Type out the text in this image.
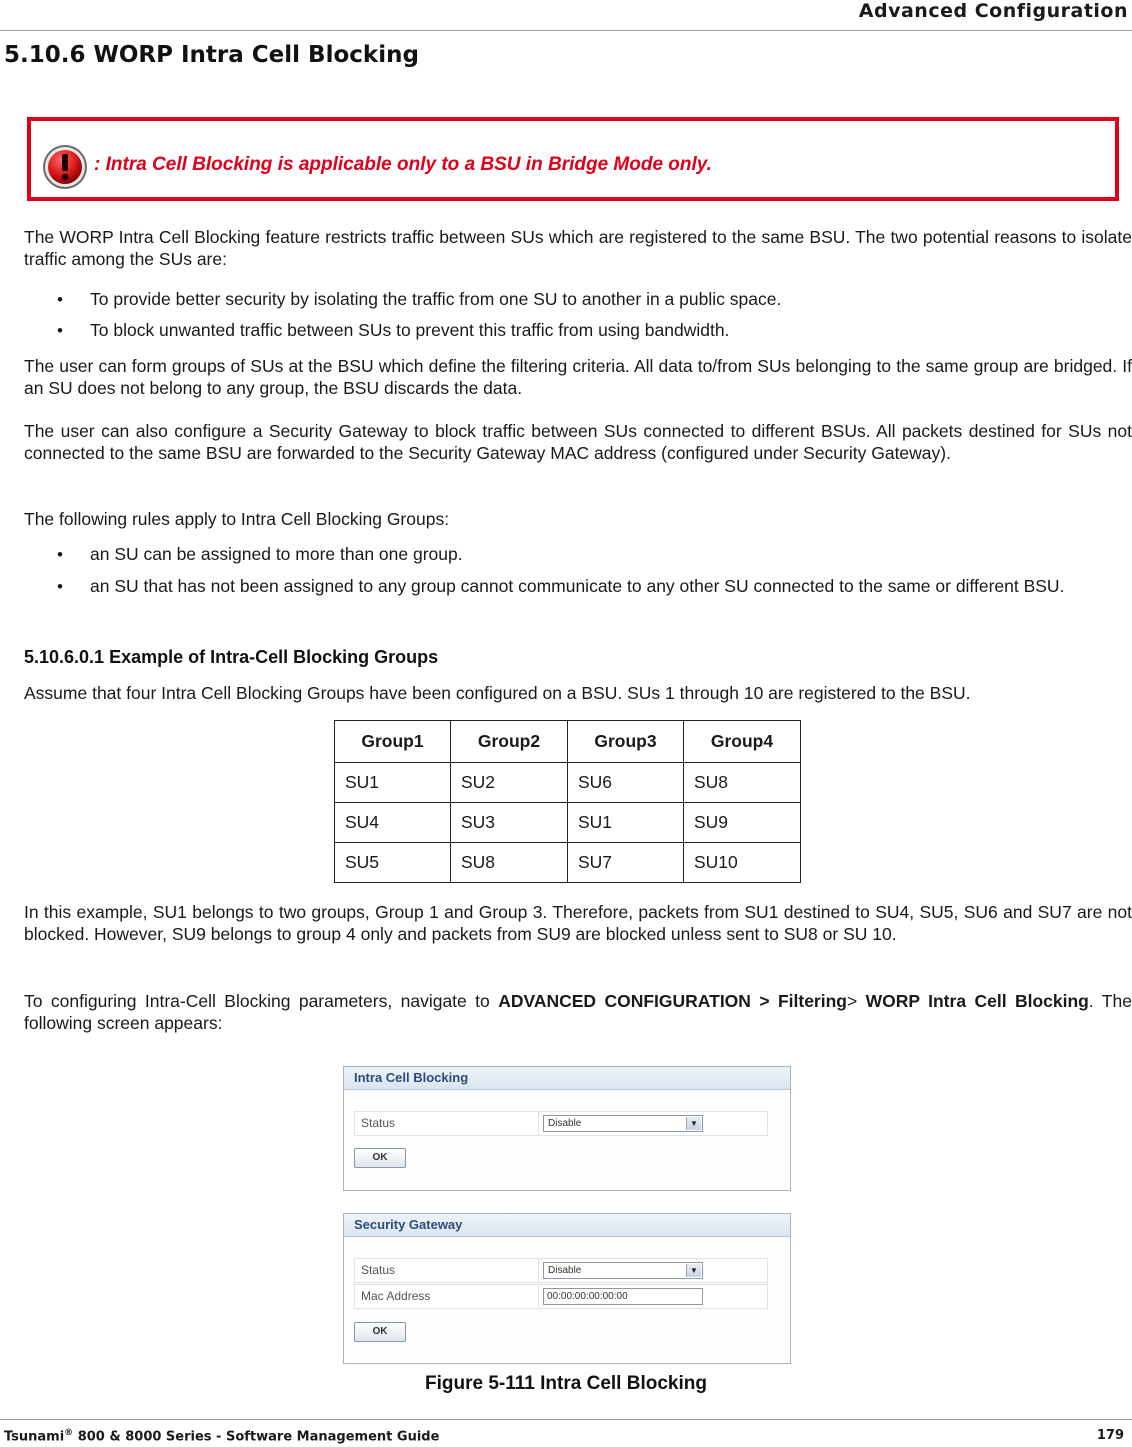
Advanced Configuration
5.10.6 WORP Intra Cell Blocking
: Intra Cell Blocking is applicable only to a BSU in Bridge Mode only.
The WORP Intra Cell Blocking feature restricts traffic between SUs which are registered to the same BSU. The two potential reasons to isolate traffic among the SUs are:
• To provide better security by isolating the traffic from one SU to another in a public space.
• To block unwanted traffic between SUs to prevent this traffic from using bandwidth.
The user can form groups of SUs at the BSU which define the filtering criteria. All data to/from SUs belonging to the same group are bridged. If an SU does not belong to any group, the BSU discards the data.
The user can also configure a Security Gateway to block traffic between SUs connected to different BSUs. All packets destined for SUs not connected to the same BSU are forwarded to the Security Gateway MAC address (configured under Security Gateway).
The following rules apply to Intra Cell Blocking Groups:
• an SU can be assigned to more than one group.
• an SU that has not been assigned to any group cannot communicate to any other SU connected to the same or different BSU.
5.10.6.0.1 Example of Intra-Cell Blocking Groups
Assume that four Intra Cell Blocking Groups have been configured on a BSU. SUs 1 through 10 are registered to the BSU.
Group1	Group2	Group3	Group4
SU1	SU2	SU6	SU8
SU4	SU3	SU1	SU9
SU5	SU8	SU7	SU10
In this example, SU1 belongs to two groups, Group 1 and Group 3. Therefore, packets from SU1 destined to SU4, SU5, SU6 and SU7 are not blocked. However, SU9 belongs to group 4 only and packets from SU9 are blocked unless sent to SU8 or SU 10.
To configuring Intra-Cell Blocking parameters, navigate to ADVANCED CONFIGURATION > Filtering> WORP Intra Cell Blocking. The following screen appears:
Intra Cell Blocking
Status	Disable	▼
OK
Security Gateway
Status	Disable	▼
Mac Address	00:00:00:00:00:00
OK
Figure 5-111 Intra Cell Blocking
Tsunami® 800 & 8000 Series - Software Management Guide	179
